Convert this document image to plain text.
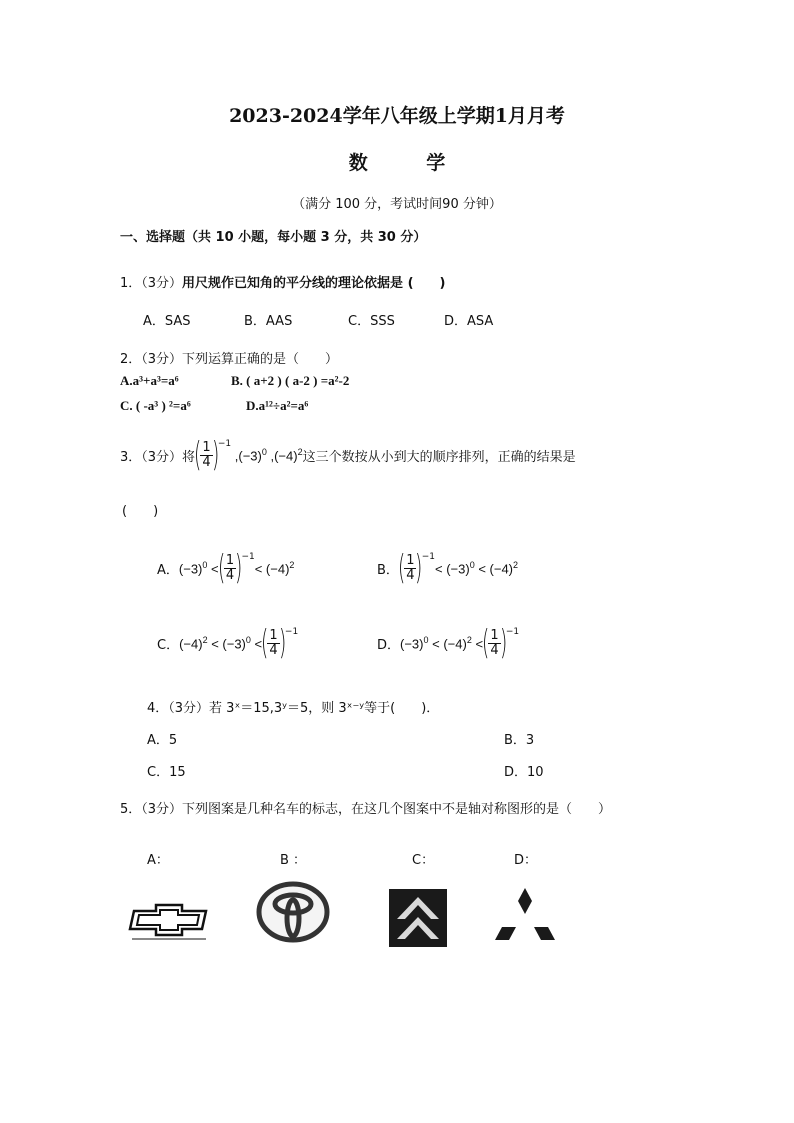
2023-2024学年八年级上学期1月月考
数 学
（满分 100 分，考试时间90 分钟）
一、选择题（共 10 小题，每小题 3 分，共 30 分）
1．（3分）用尺规作已知角的平分线的理论依据是 (　　)
A．SAS	B．AAS	C．SSS	D．ASA
2．（3分）下列运算正确的是（　　）
A.a³+a³=a⁶	B. ( a+2 ) ( a-2 ) =a²-2
C. ( -a³ ) ²=a⁶	D.a¹²÷a²=a⁶
3．（3分）将
( 1
4 )
−1
$,(-3)^0$ $,(-4)^2$ 这三个数按从小到大的顺序排列，正确的结果是
(　　)
A． $(-3)^0$ <
( 1
4 )
−1
< $(-4)^2$	B．
( 1
4 )
−1
< $(-3)^0 < (-4)^2$
C． $(-4)^2 < (-3)^0$ <
( 1
4 )
−1
D． $(-3)^0 < (-4)^2$ <
( 1
4 )
−1
4．（3分）若 3ˣ＝15,3ʸ＝5，则 3ˣ⁻ʸ等于(　　)．
A．5	B．3
C．15	D．10
5．（3分）下列图案是几种名车的标志，在这几个图案中不是轴对称图形的是（　　）
A：	B ：	C：	D：
